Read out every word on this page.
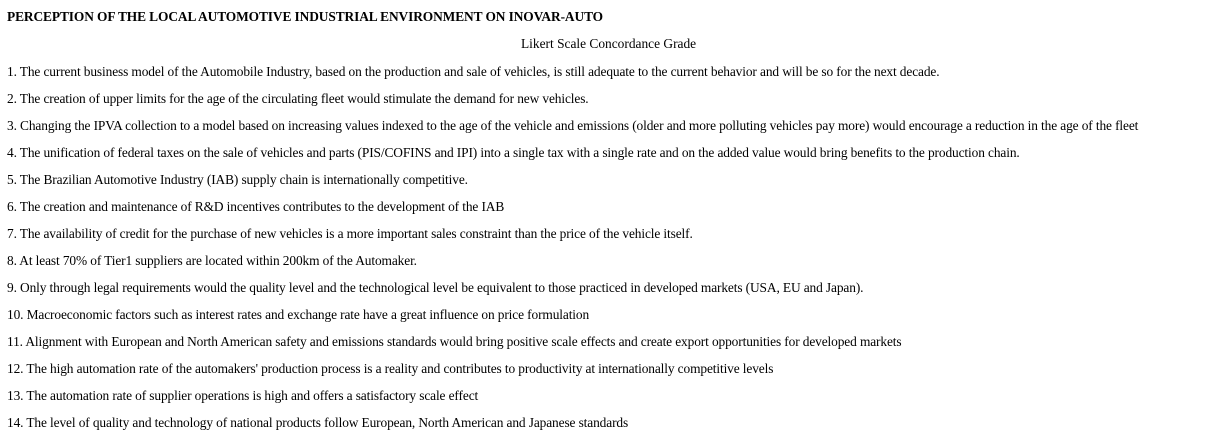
PERCEPTION OF THE LOCAL AUTOMOTIVE INDUSTRIAL ENVIRONMENT ON INOVAR-AUTO
Likert Scale Concordance Grade
1. The current business model of the Automobile Industry, based on the production and sale of vehicles, is still adequate to the current behavior and will be so for the next decade.
2. The creation of upper limits for the age of the circulating fleet would stimulate the demand for new vehicles.
3. Changing the IPVA collection to a model based on increasing values indexed to the age of the vehicle and emissions (older and more polluting vehicles pay more) would encourage a reduction in the age of the fleet
4. The unification of federal taxes on the sale of vehicles and parts (PIS/COFINS and IPI) into a single tax with a single rate and on the added value would bring benefits to the production chain.
5. The Brazilian Automotive Industry (IAB) supply chain is internationally competitive.
6. The creation and maintenance of R&D incentives contributes to the development of the IAB
7. The availability of credit for the purchase of new vehicles is a more important sales constraint than the price of the vehicle itself.
8. At least 70% of Tier1 suppliers are located within 200km of the Automaker.
9. Only through legal requirements would the quality level and the technological level be equivalent to those practiced in developed markets (USA, EU and Japan).
10. Macroeconomic factors such as interest rates and exchange rate have a great influence on price formulation
11. Alignment with European and North American safety and emissions standards would bring positive scale effects and create export opportunities for developed markets
12. The high automation rate of the automakers' production process is a reality and contributes to productivity at internationally competitive levels
13. The automation rate of supplier operations is high and offers a satisfactory scale effect
14. The level of quality and technology of national products follow European, North American and Japanese standards
